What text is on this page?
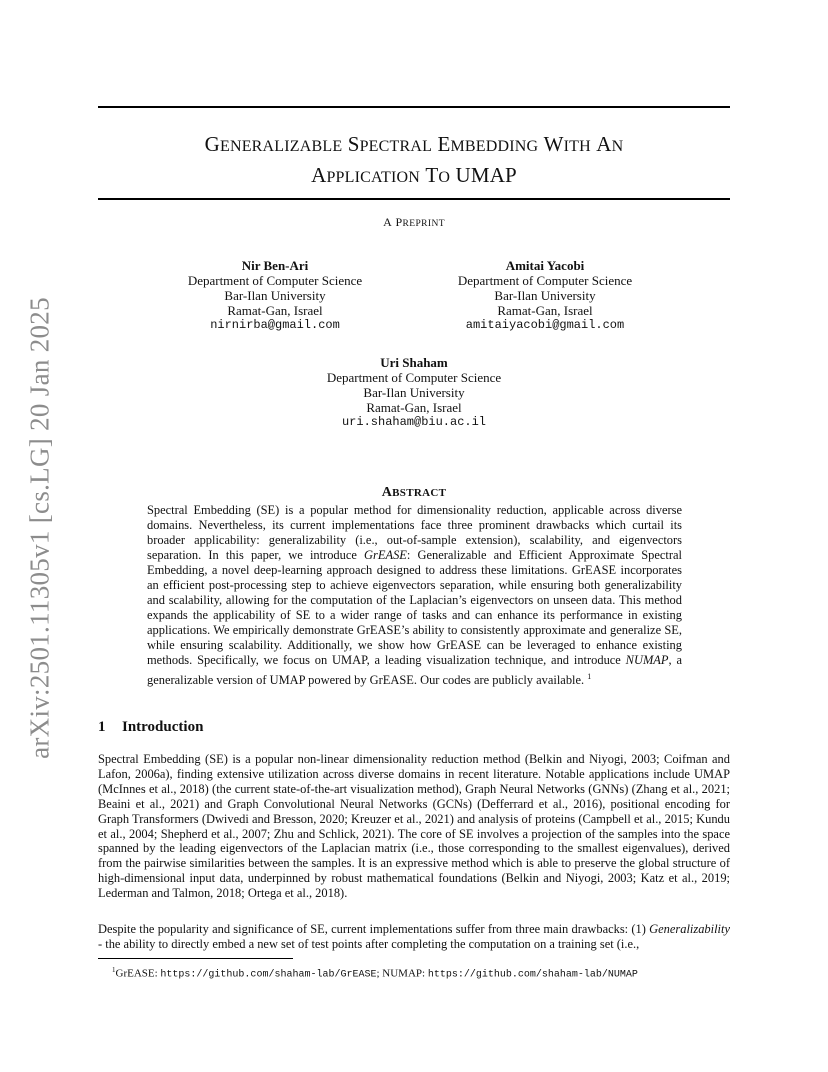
arXiv:2501.11305v1 [cs.LG] 20 Jan 2025
GENERALIZABLE SPECTRAL EMBEDDING WITH AN
APPLICATION TO UMAP
A PREPRINT
Nir Ben-Ari
Department of Computer Science
Bar-Ilan University
Ramat-Gan, Israel
nirnirba@gmail.com
Amitai Yacobi
Department of Computer Science
Bar-Ilan University
Ramat-Gan, Israel
amitaiyacobi@gmail.com
Uri Shaham
Department of Computer Science
Bar-Ilan University
Ramat-Gan, Israel
uri.shaham@biu.ac.il
ABSTRACT
Spectral Embedding (SE) is a popular method for dimensionality reduction, applicable across diverse domains. Nevertheless, its current implementations face three prominent drawbacks which curtail its broader applicability: generalizability (i.e., out-of-sample extension), scalability, and eigenvectors separation. In this paper, we introduce GrEASE: Generalizable and Efficient Approximate Spectral Embedding, a novel deep-learning approach designed to address these limitations. GrEASE incorporates an efficient post-processing step to achieve eigenvectors separation, while ensuring both generalizability and scalability, allowing for the computation of the Laplacian’s eigenvectors on unseen data. This method expands the applicability of SE to a wider range of tasks and can enhance its performance in existing applications. We empirically demonstrate GrEASE’s ability to consistently approximate and generalize SE, while ensuring scalability. Additionally, we show how GrEASE can be leveraged to enhance existing methods. Specifically, we focus on UMAP, a leading visualization technique, and introduce NUMAP, a generalizable version of UMAP powered by GrEASE. Our codes are publicly available. $^1$
1 Introduction
Spectral Embedding (SE) is a popular non-linear dimensionality reduction method (Belkin and Niyogi, 2003; Coifman and Lafon, 2006a), finding extensive utilization across diverse domains in recent literature. Notable applications include UMAP (McInnes et al., 2018) (the current state-of-the-art visualization method), Graph Neural Networks (GNNs) (Zhang et al., 2021; Beaini et al., 2021) and Graph Convolutional Neural Networks (GCNs) (Defferrard et al., 2016), positional encoding for Graph Transformers (Dwivedi and Bresson, 2020; Kreuzer et al., 2021) and analysis of proteins (Campbell et al., 2015; Kundu et al., 2004; Shepherd et al., 2007; Zhu and Schlick, 2021). The core of SE involves a projection of the samples into the space spanned by the leading eigenvectors of the Laplacian matrix (i.e., those corresponding to the smallest eigenvalues), derived from the pairwise similarities between the samples. It is an expressive method which is able to preserve the global structure of high-dimensional input data, underpinned by robust mathematical foundations (Belkin and Niyogi, 2003; Katz et al., 2019; Lederman and Talmon, 2018; Ortega et al., 2018).
Despite the popularity and significance of SE, current implementations suffer from three main drawbacks: (1) Generalizability - the ability to directly embed a new set of test points after completing the computation on a training set (i.e.,
$^1$GrEASE: https://github.com/shaham-lab/GrEASE; NUMAP: https://github.com/shaham-lab/NUMAP
